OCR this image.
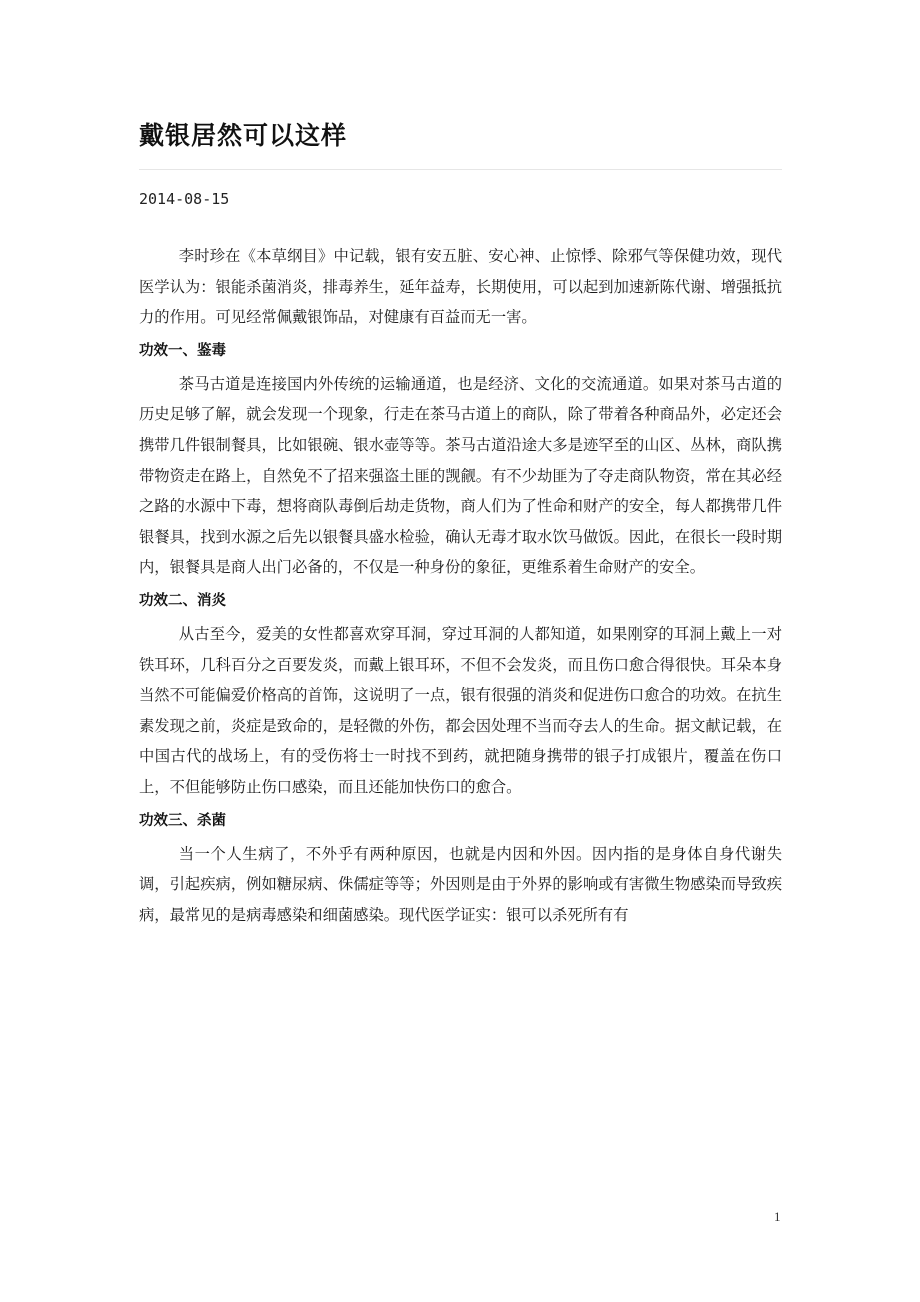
戴银居然可以这样
2014-08-15

李时珍在《本草纲目》中记载，银有安五脏、安心神、止惊悸、除邪气等保健功效，现代医学认为：银能杀菌消炎，排毒养生，延年益寿，长期使用，可以起到加速新陈代谢、增强抵抗力的作用。可见经常佩戴银饰品，对健康有百益而无一害。

功效一、鉴毒

茶马古道是连接国内外传统的运输通道，也是经济、文化的交流通道。如果对茶马古道的历史足够了解，就会发现一个现象，行走在茶马古道上的商队，除了带着各种商品外，必定还会携带几件银制餐具，比如银碗、银水壶等等。茶马古道沿途大多是迹罕至的山区、丛林，商队携带物资走在路上，自然免不了招来强盗土匪的觊觎。有不少劫匪为了夺走商队物资，常在其必经之路的水源中下毒，想将商队毒倒后劫走货物，商人们为了性命和财产的安全，每人都携带几件银餐具，找到水源之后先以银餐具盛水检验，确认无毒才取水饮马做饭。因此，在很长一段时期内，银餐具是商人出门必备的，不仅是一种身份的象征，更维系着生命财产的安全。

功效二、消炎

从古至今，爱美的女性都喜欢穿耳洞，穿过耳洞的人都知道，如果刚穿的耳洞上戴上一对铁耳环，几科百分之百要发炎，而戴上银耳环，不但不会发炎，而且伤口愈合得很快。耳朵本身当然不可能偏爱价格高的首饰，这说明了一点，银有很强的消炎和促进伤口愈合的功效。在抗生素发现之前，炎症是致命的，是轻微的外伤，都会因处理不当而夺去人的生命。据文献记载，在中国古代的战场上，有的受伤将士一时找不到药，就把随身携带的银子打成银片，覆盖在伤口上，不但能够防止伤口感染，而且还能加快伤口的愈合。

功效三、杀菌

当一个人生病了，不外乎有两种原因，也就是内因和外因。因内指的是身体自身代谢失调，引起疾病，例如糖尿病、侏儒症等等；外因则是由于外界的影响或有害微生物感染而导致疾病，最常见的是病毒感染和细菌感染。现代医学证实：银可以杀死所有有

1
